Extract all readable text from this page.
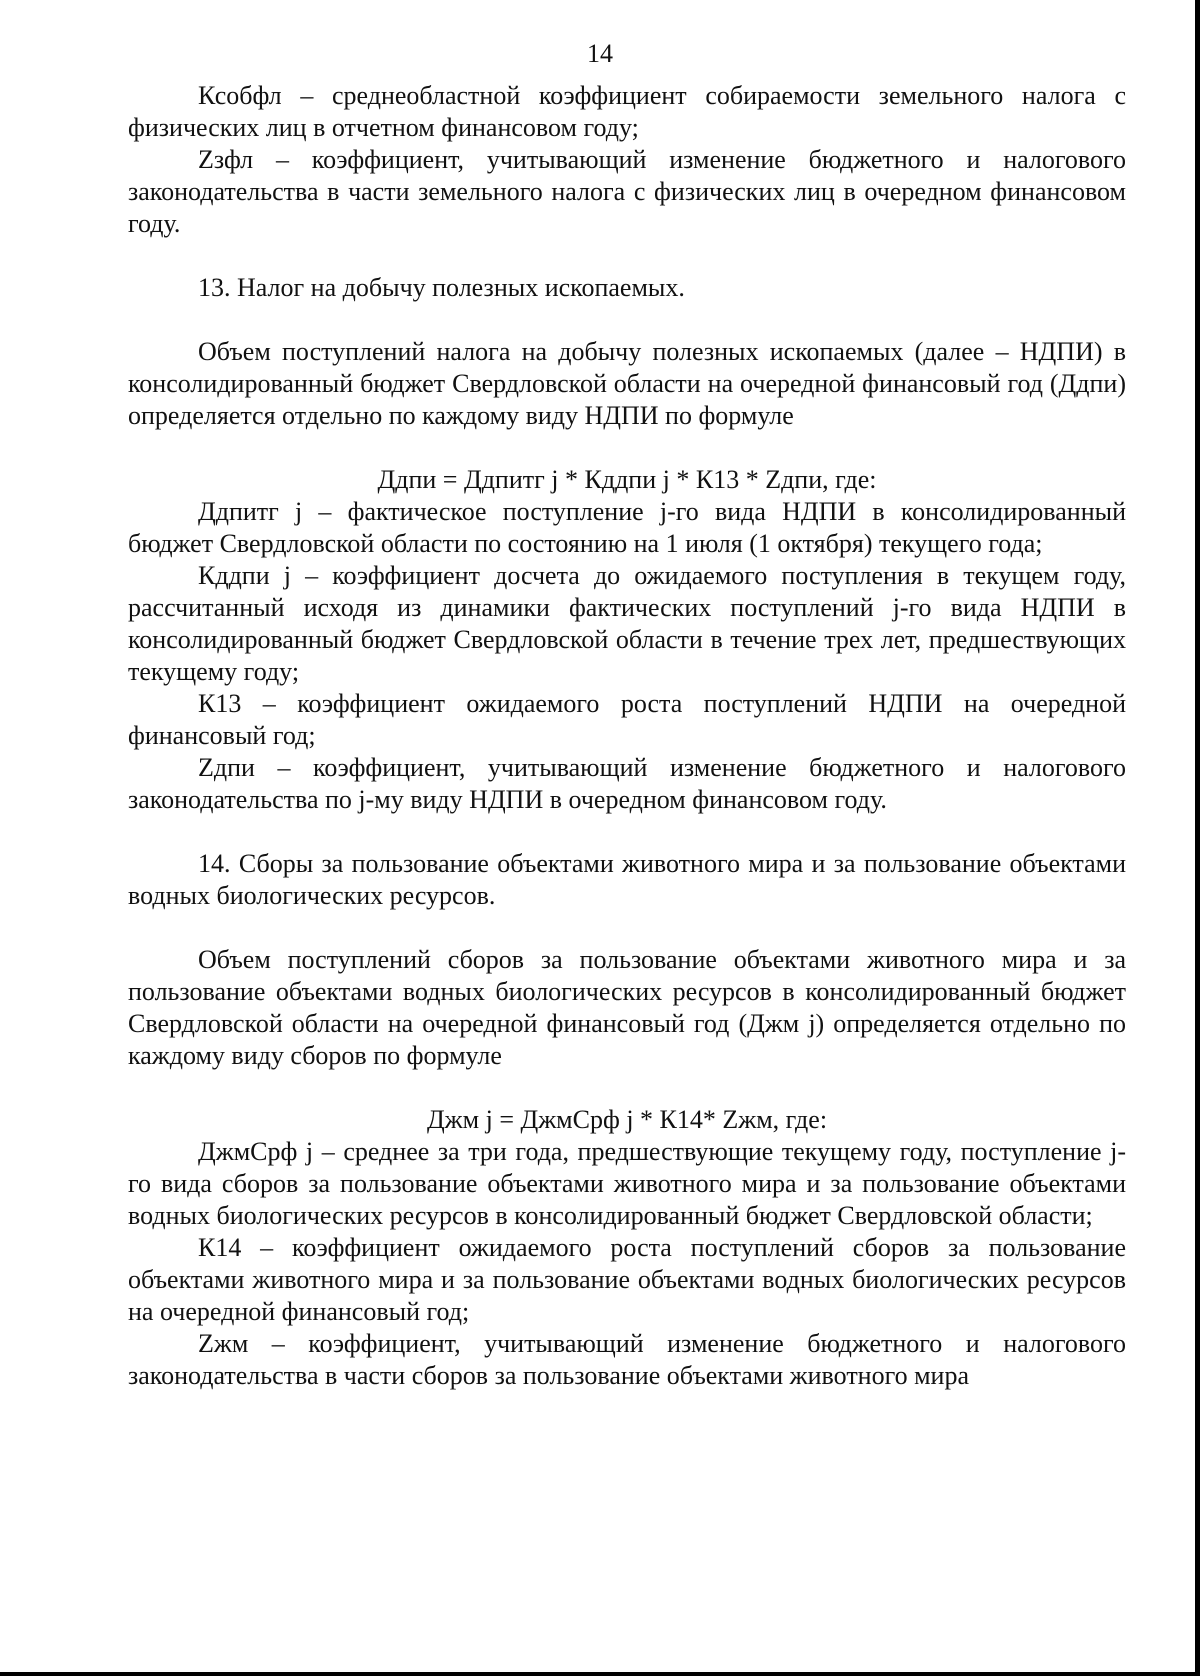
14

Ксобфл – среднеобластной коэффициент собираемости земельного налога с физических лиц в отчетном финансовом году;

Zзфл – коэффициент, учитывающий изменение бюджетного и налогового законодательства в части земельного налога с физических лиц в очередном финансовом году.

13. Налог на добычу полезных ископаемых.

Объем поступлений налога на добычу полезных ископаемых (далее – НДПИ) в консолидированный бюджет Свердловской области на очередной финансовый год (Ддпи) определяется отдельно по каждому виду НДПИ по формуле

Ддпи = Ддпитг j * Кддпи j * К13 * Zдпи, где:

Ддпитг j – фактическое поступление j-го вида НДПИ в консолидированный бюджет Свердловской области по состоянию на 1 июля (1 октября) текущего года;

Кддпи j – коэффициент досчета до ожидаемого поступления в текущем году, рассчитанный исходя из динамики фактических поступлений j-го вида НДПИ в консолидированный бюджет Свердловской области в течение трех лет, предшествующих текущему году;

К13 – коэффициент ожидаемого роста поступлений НДПИ на очередной финансовый год;

Zдпи – коэффициент, учитывающий изменение бюджетного и налогового законодательства по j-му виду НДПИ в очередном финансовом году.

14. Сборы за пользование объектами животного мира и за пользование объектами водных биологических ресурсов.

Объем поступлений сборов за пользование объектами животного мира и за пользование объектами водных биологических ресурсов в консолидированный бюджет Свердловской области на очередной финансовый год (Джм j) определяется отдельно по каждому виду сборов по формуле

Джм j = ДжмСрф j * К14* Zжм, где:

ДжмСрф j – среднее за три года, предшествующие текущему году, поступление j-го вида сборов за пользование объектами животного мира и за пользование объектами водных биологических ресурсов в консолидированный бюджет Свердловской области;

К14 – коэффициент ожидаемого роста поступлений сборов за пользование объектами животного мира и за пользование объектами водных биологических ресурсов на очередной финансовый год;

Zжм – коэффициент, учитывающий изменение бюджетного и налогового законодательства в части сборов за пользование объектами животного мира
